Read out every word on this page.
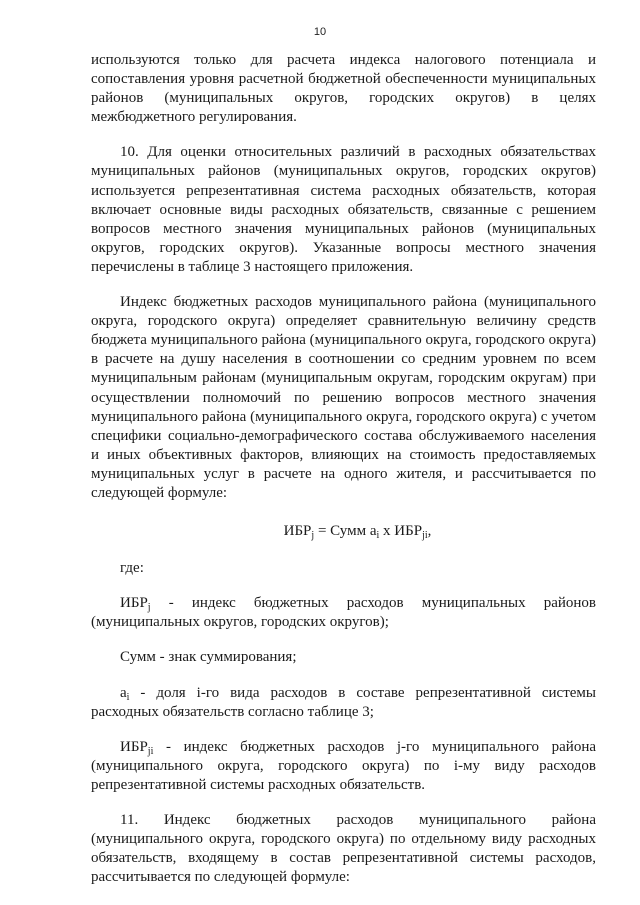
10

используются только для расчета индекса налогового потенциала и сопоставления уровня расчетной бюджетной обеспеченности муниципальных районов (муниципальных округов, городских округов) в целях межбюджетного регулирования.

10. Для оценки относительных различий в расходных обязательствах муниципальных районов (муниципальных округов, городских округов) используется репрезентативная система расходных обязательств, которая включает основные виды расходных обязательств, связанные с решением вопросов местного значения муниципальных районов (муниципальных округов, городских округов). Указанные вопросы местного значения перечислены в таблице 3 настоящего приложения.

Индекс бюджетных расходов муниципального района (муниципального округа, городского округа) определяет сравнительную величину средств бюджета муниципального района (муниципального округа, городского округа) в расчете на душу населения в соотношении со средним уровнем по всем муниципальным районам (муниципальным округам, городским округам) при осуществлении полномочий по решению вопросов местного значения муниципального района (муниципального округа, городского округа) с учетом специфики социально-демографического состава обслуживаемого населения и иных объективных факторов, влияющих на стоимость предоставляемых муниципальных услуг в расчете на одного жителя, и рассчитывается по следующей формуле:

$ИБР_j$ = Сумм $a_i$ x $ИБР_{ji}$,

где:

$ИБР_j$ - индекс бюджетных расходов муниципальных районов (муниципальных округов, городских округов);

Сумм - знак суммирования;

$a_i$ - доля i-го вида расходов в составе репрезентативной системы расходных обязательств согласно таблице 3;

$ИБР_{ji}$ - индекс бюджетных расходов j-го муниципального района (муниципального округа, городского округа) по i-му виду расходов репрезентативной системы расходных обязательств.

11. Индекс бюджетных расходов муниципального района (муниципального округа, городского округа) по отдельному виду расходных обязательств, входящему в состав репрезентативной системы расходов, рассчитывается по следующей формуле:
